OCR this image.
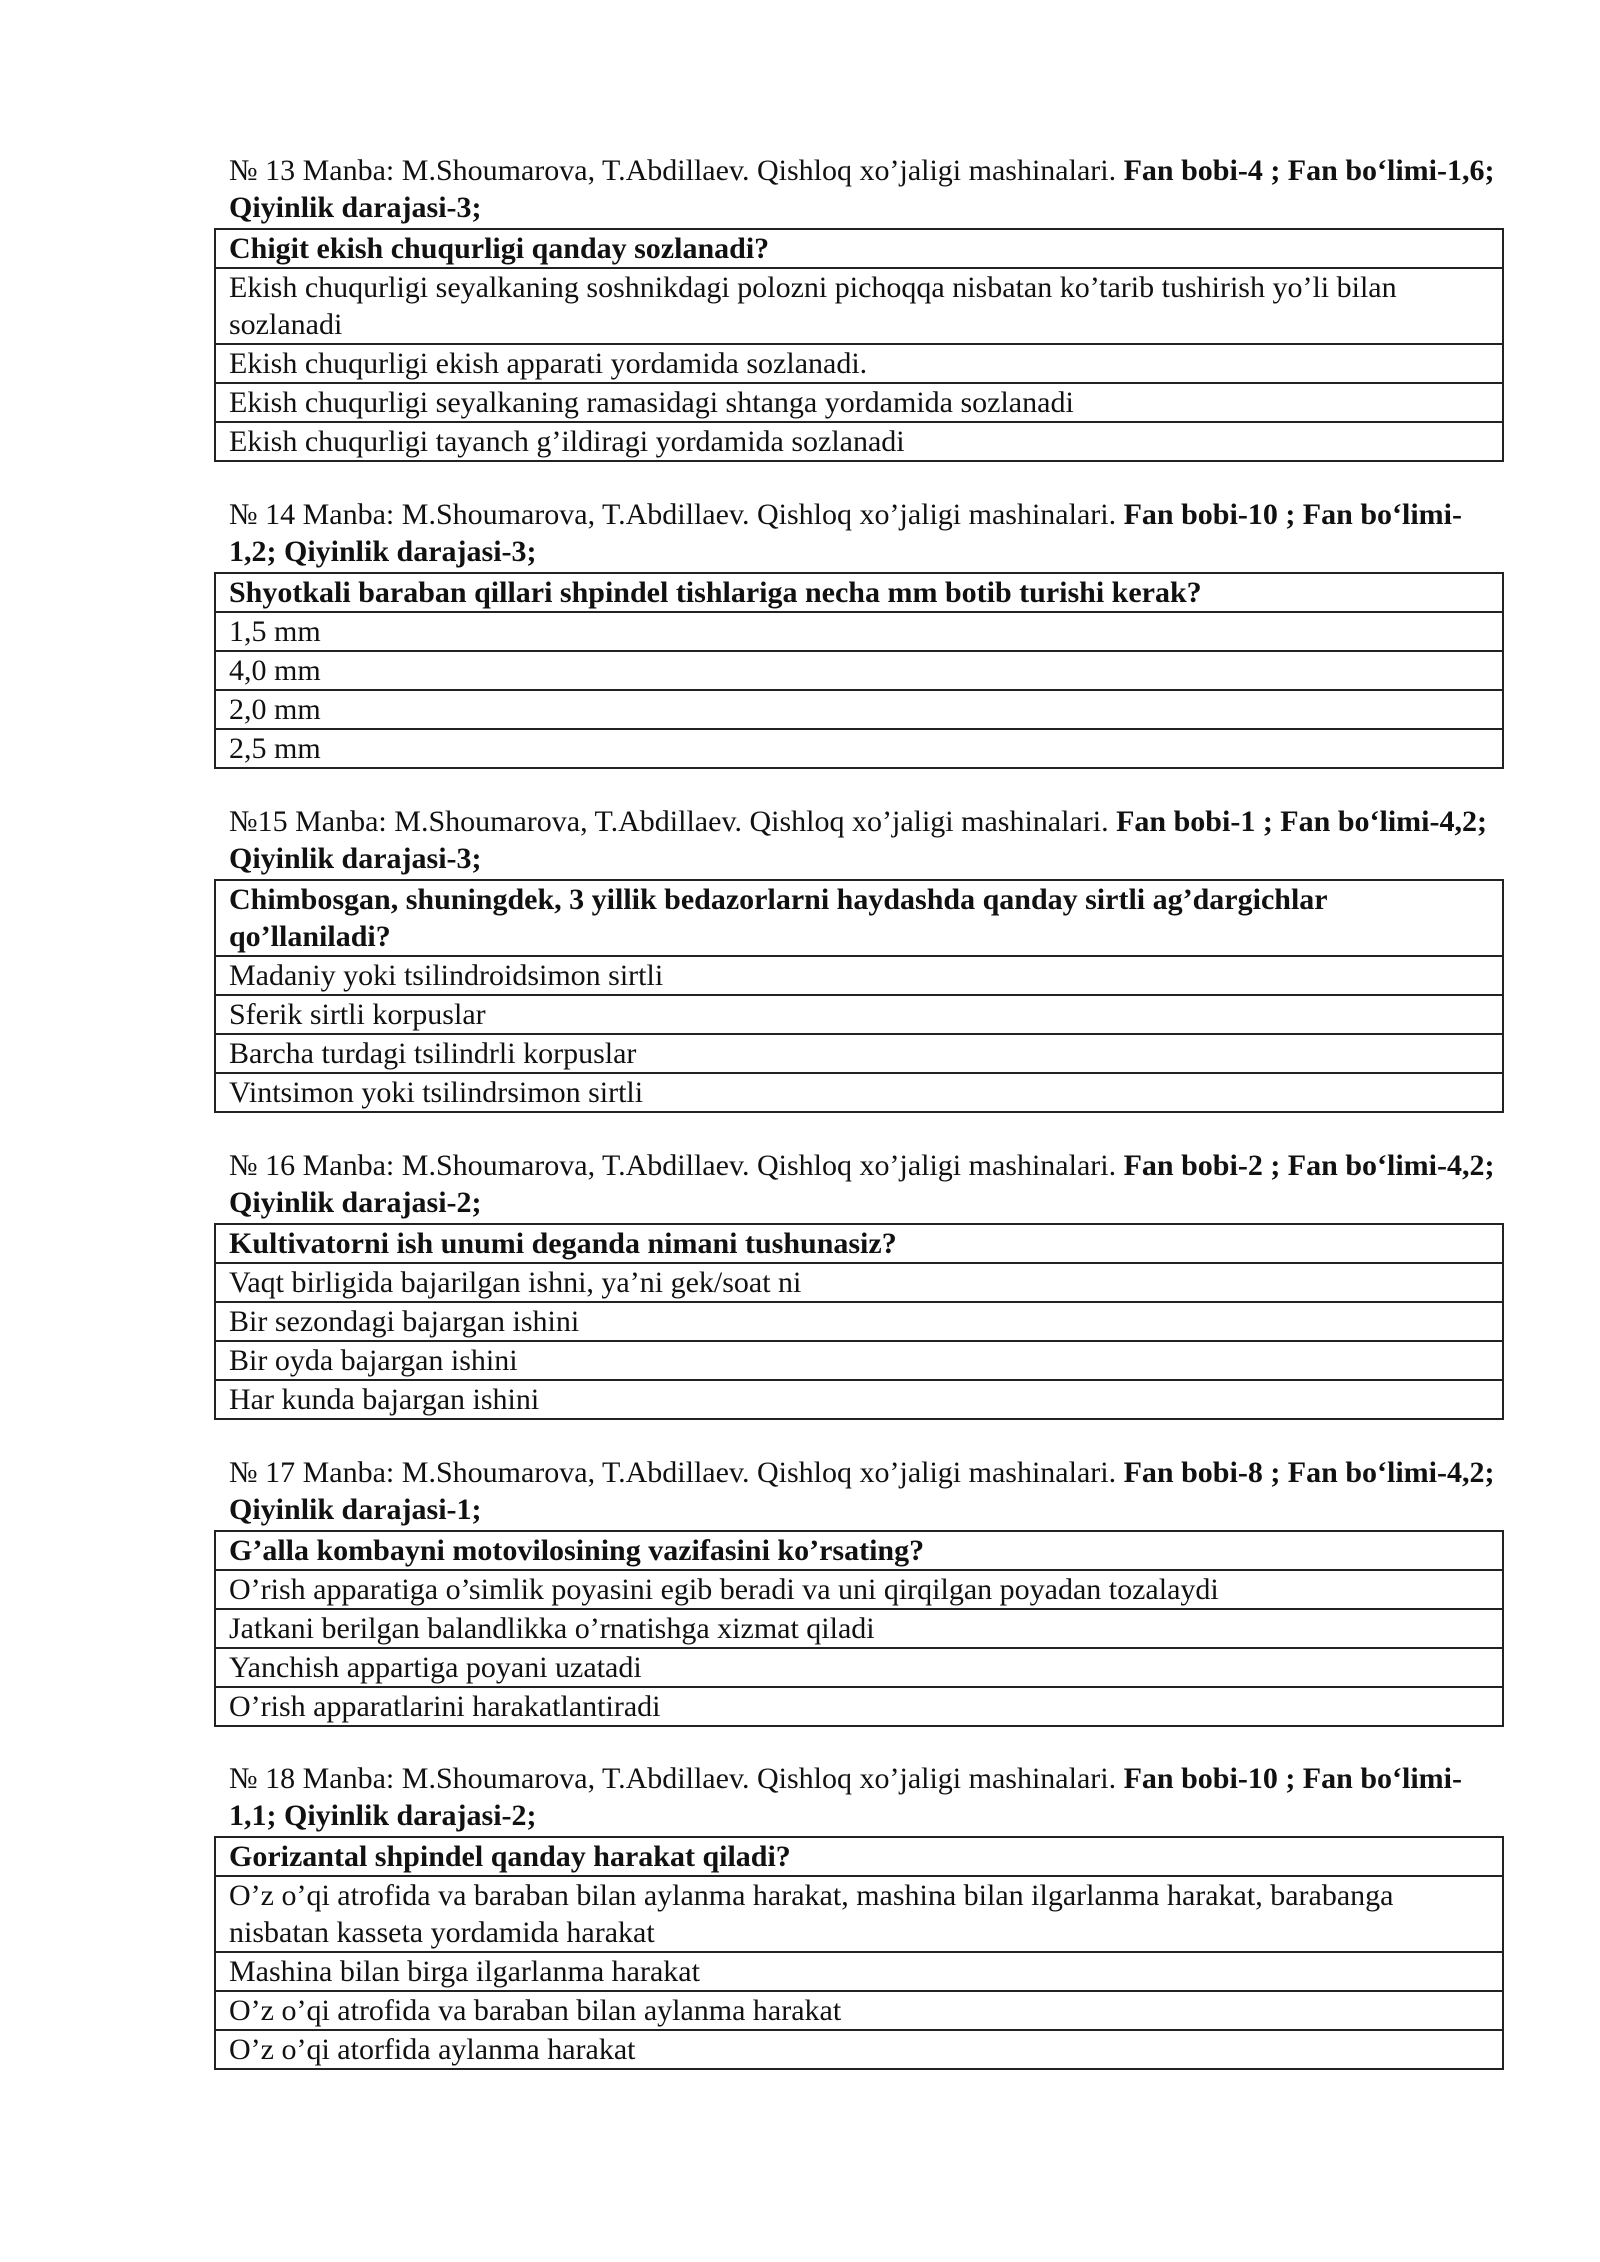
№ 13 Manba: M.Shoumarova, T.Abdillaev. Qishloq xo’jaligi mashinalari. Fan bobi-4 ; Fan bo‘limi-1,6; Qiyinlik darajasi-3;
Chigit ekish chuqurligi qanday sozlanadi?
Ekish chuqurligi seyalkaning soshnikdagi polozni pichoqqa nisbatan ko’tarib tushirish yo’li bilan sozlanadi
Ekish chuqurligi ekish apparati yordamida sozlanadi.
Ekish chuqurligi seyalkaning ramasidagi shtanga yordamida sozlanadi
Ekish chuqurligi tayanch g’ildiragi yordamida sozlanadi
№ 14 Manba: M.Shoumarova, T.Abdillaev. Qishloq xo’jaligi mashinalari. Fan bobi-10 ; Fan bo‘limi-1,2; Qiyinlik darajasi-3;
Shyotkali baraban qillari shpindel tishlariga necha mm botib turishi kerak?
1,5 mm
4,0 mm
2,0 mm
2,5 mm
№15 Manba: M.Shoumarova, T.Abdillaev. Qishloq xo’jaligi mashinalari. Fan bobi-1 ; Fan bo‘limi-4,2; Qiyinlik darajasi-3;
Chimbosgan, shuningdek, 3 yillik bedazorlarni haydashda qanday sirtli ag’dargichlar qo’llaniladi?
Madaniy yoki tsilindroidsimon sirtli
Sferik sirtli korpuslar
Barcha turdagi tsilindrli korpuslar
Vintsimon yoki tsilindrsimon sirtli
№ 16 Manba: M.Shoumarova, T.Abdillaev. Qishloq xo’jaligi mashinalari. Fan bobi-2 ; Fan bo‘limi-4,2; Qiyinlik darajasi-2;
Kultivatorni ish unumi deganda nimani tushunasiz?
Vaqt birligida bajarilgan ishni, ya’ni gek/soat ni
Bir sezondagi bajargan ishini
Bir oyda bajargan ishini
Har kunda bajargan ishini
№ 17 Manba: M.Shoumarova, T.Abdillaev. Qishloq xo’jaligi mashinalari. Fan bobi-8 ; Fan bo‘limi-4,2; Qiyinlik darajasi-1;
G’alla kombayni motovilosining vazifasini ko’rsating?
O’rish apparatiga o’simlik poyasini egib beradi va uni qirqilgan poyadan tozalaydi
Jatkani berilgan balandlikka o’rnatishga xizmat qiladi
Yanchish appartiga poyani uzatadi
O’rish apparatlarini harakatlantiradi
№ 18 Manba: M.Shoumarova, T.Abdillaev. Qishloq xo’jaligi mashinalari. Fan bobi-10 ; Fan bo‘limi-1,1; Qiyinlik darajasi-2;
Gorizantal shpindel qanday harakat qiladi?
O’z o’qi atrofida va baraban bilan aylanma harakat, mashina bilan ilgarlanma harakat, barabanga nisbatan kasseta yordamida harakat
Mashina bilan birga ilgarlanma harakat
O’z o’qi atrofida va baraban bilan aylanma harakat
O’z o’qi atorfida aylanma harakat
